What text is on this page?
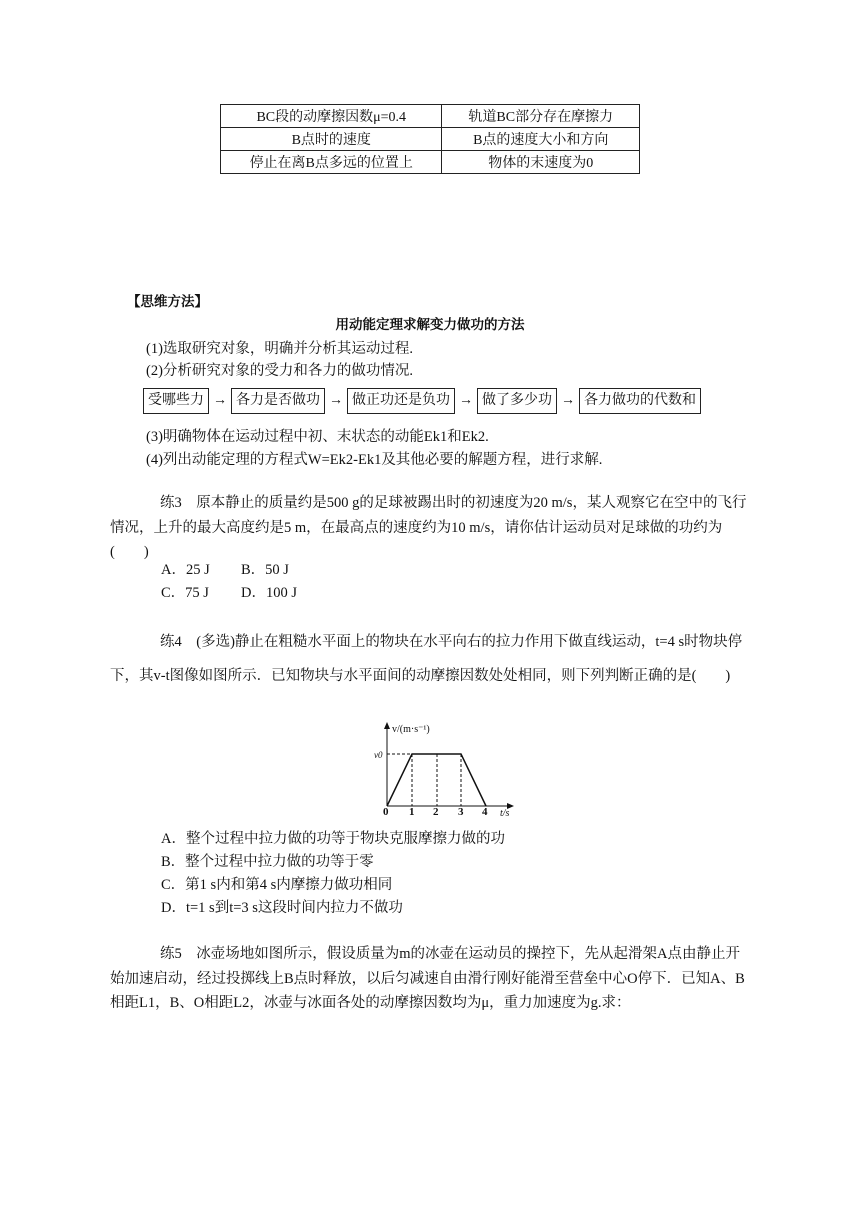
BC段的动摩擦因数μ=0.4	轨道BC部分存在摩擦力
B点时的速度	B点的速度大小和方向
停止在离B点多远的位置上	物体的末速度为0
【思维方法】
用动能定理求解变力做功的方法
(1)选取研究对象，明确并分析其运动过程.
(2)分析研究对象的受力和各力的做功情况.
受哪些力 → 各力是否做功 → 做正功还是负功 → 做了多少功 → 各力做功的代数和
(3)明确物体在运动过程中初、末状态的动能Ek1和Ek2.
(4)列出动能定理的方程式W=Ek2-Ek1及其他必要的解题方程，进行求解.
练3　原本静止的质量约是500 g的足球被踢出时的初速度为20 m/s，某人观察它在空中的飞行情况，上升的最大高度约是5 m，在最高点的速度约为10 m/s，请你估计运动员对足球做的功约为(　　)
A．25 J B．50 J
C．75 J D．100 J
练4　(多选)静止在粗糙水平面上的物块在水平向右的拉力作用下做直线运动，t=4 s时物块停下，其v-t图像如图所示．已知物块与水平面间的动摩擦因数处处相同，则下列判断正确的是(　　)
v/(m·s⁻¹)
t/s
v0
0 1 2 3 4
A．整个过程中拉力做的功等于物块克服摩擦力做的功
B．整个过程中拉力做的功等于零
C．第1 s内和第4 s内摩擦力做功相同
D．t=1 s到t=3 s这段时间内拉力不做功
练5　冰壶场地如图所示，假设质量为m的冰壶在运动员的操控下，先从起滑架A点由静止开始加速启动，经过投掷线上B点时释放，以后匀减速自由滑行刚好能滑至营垒中心O停下．已知A、B相距L1，B、O相距L2，冰壶与冰面各处的动摩擦因数均为μ，重力加速度为g.求：
